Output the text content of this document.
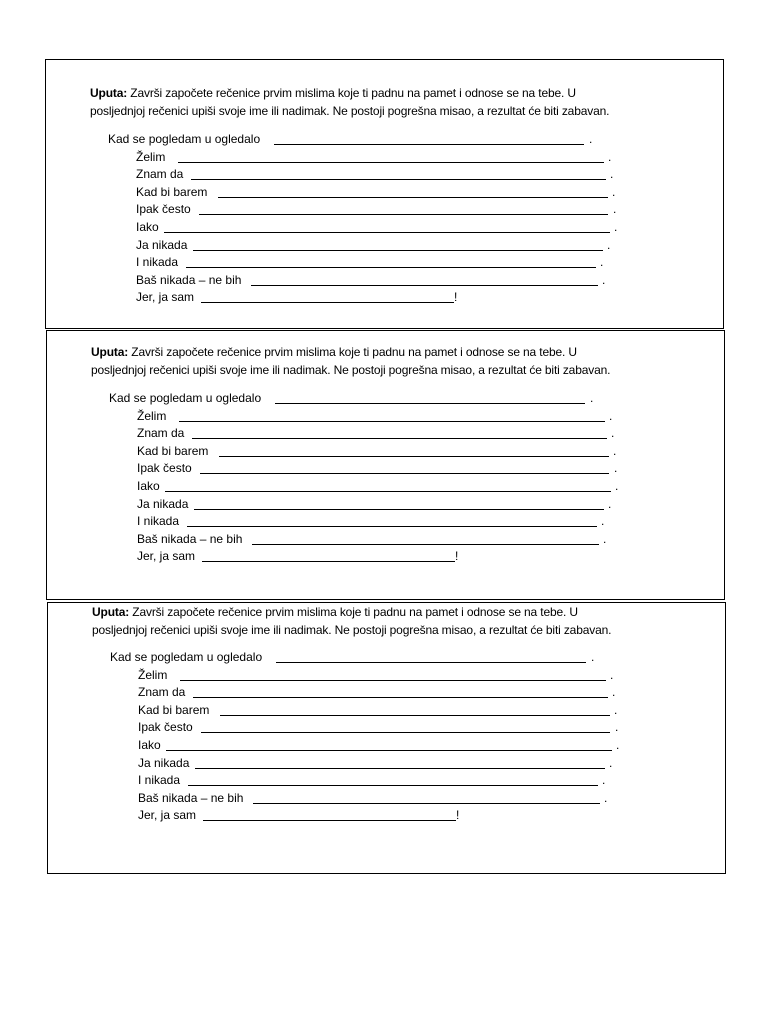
Uputa: Završi započete rečenice prvim mislima koje ti padnu na pamet i odnose se na tebe. U
posljednjoj rečenici upiši svoje ime ili nadimak. Ne postoji pogrešna misao, a rezultat će biti zabavan.
Kad se pogledam u ogledalo	.
Želim	.
Znam da	.
Kad bi barem	.
Ipak često	.
Iako	.
Ja nikada	.
I nikada	.
Baš nikada – ne bih	.
Jer, ja sam	!
Uputa: Završi započete rečenice prvim mislima koje ti padnu na pamet i odnose se na tebe. U
posljednjoj rečenici upiši svoje ime ili nadimak. Ne postoji pogrešna misao, a rezultat će biti zabavan.
Kad se pogledam u ogledalo	.
Želim	.
Znam da	.
Kad bi barem	.
Ipak često	.
Iako	.
Ja nikada	.
I nikada	.
Baš nikada – ne bih	.
Jer, ja sam	!
Uputa: Završi započete rečenice prvim mislima koje ti padnu na pamet i odnose se na tebe. U
posljednjoj rečenici upiši svoje ime ili nadimak. Ne postoji pogrešna misao, a rezultat će biti zabavan.
Kad se pogledam u ogledalo	.
Želim	.
Znam da	.
Kad bi barem	.
Ipak često	.
Iako	.
Ja nikada	.
I nikada	.
Baš nikada – ne bih	.
Jer, ja sam	!
